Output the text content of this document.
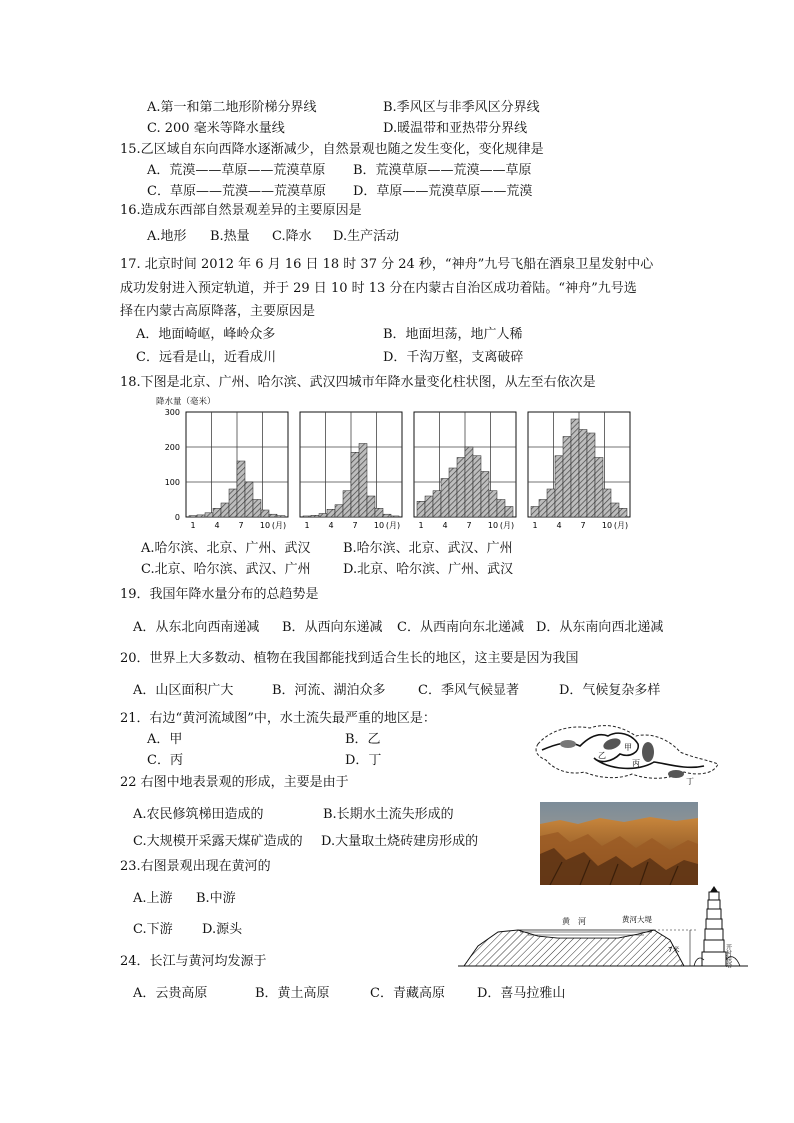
A.第一和第二地形阶梯分界线	B.季风区与非季风区分界线
C. 200 毫米等降水量线	D.暖温带和亚热带分界线
15.乙区域自东向西降水逐渐减少，自然景观也随之发生变化，变化规律是
A．荒漠——草原——荒漠草原 B．荒漠草原——荒漠——草原
C．草原——荒漠——荒漠草原 D．草原——荒漠草原——荒漠
16.造成东西部自然景观差异的主要原因是
A.地形 B.热量 C.降水 D.生产活动
17. 北京时间 2012 年 6 月 16 日 18 时 37 分 24 秒，“神舟”九号飞船在酒泉卫星发射中心
成功发射进入预定轨道，并于 29 日 10 时 13 分在内蒙古自治区成功着陆。“神舟”九号选
择在内蒙古高原降落，主要原因是
A．地面崎岖，峰岭众多	B．地面坦荡，地广人稀
C．远看是山，近看成川	D．千沟万壑，支离破碎
18.下图是北京、广州、哈尔滨、武汉四城市年降水量变化柱状图，从左至右依次是
降水量（毫米）
300
200
100
0
1 4 7 10 (月) 1 4 7 10 (月) 1 4 7 10 (月) 1 4 7 10 (月)
A.哈尔滨、北京、广州、武汉 B.哈尔滨、北京、武汉、广州
C.北京、哈尔滨、武汉、广州 D.北京、哈尔滨、广州、武汉
19．我国年降水量分布的总趋势是
A．从东北向西南递减 B．从西向东递减 C．从西南向东北递减 D．从东南向西北递减
20．世界上大多数动、植物在我国都能找到适合生长的地区，这主要是因为我国
A．山区面积广大	B．河流、湖泊众多 C．季风气候显著	D．气候复杂多样
21．右边“黄河流域图”中，水土流失最严重的地区是：
A．甲	B．乙
C．丙	D．丁
甲
乙
丙
丁
22 右图中地表景观的形成，主要是由于
A.农民修筑梯田造成的	B.长期水土流失形成的
C.大规模开采露天煤矿造成的 D.大量取土烧砖建房形成的
23.右图景观出现在黄河的
A.上游 B.中游
C.下游 D.源头
黄　河	黄河大堤
7米	开封铁塔
24．长江与黄河均发源于
A．云贵高原	B．黄土高原	C．青藏高原 D．喜马拉雅山
